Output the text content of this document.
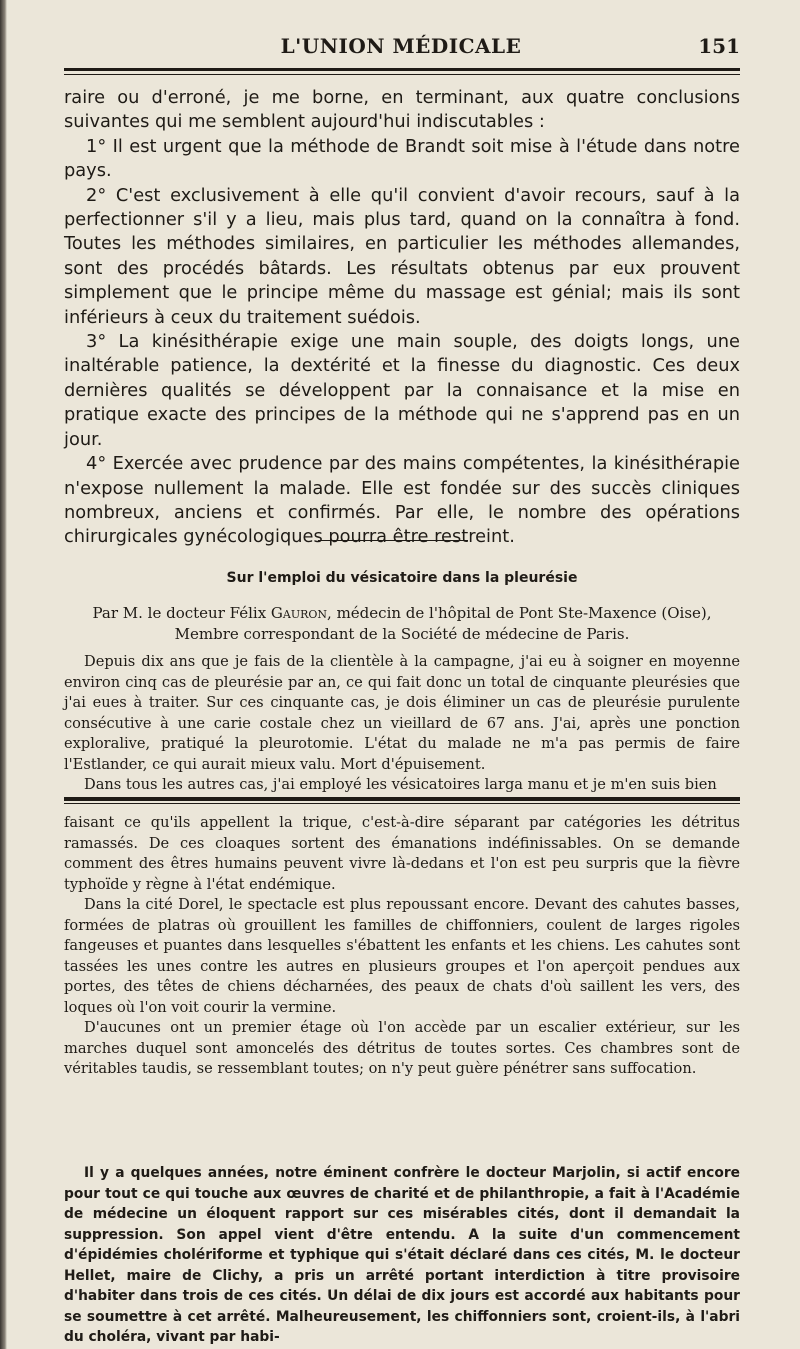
L'UNION MÉDICALE	151

raire ou d'erroné, je me borne, en terminant, aux quatre conclusions suivantes qui me semblent aujourd'hui indiscutables :

1° Il est urgent que la méthode de Brandt soit mise à l'étude dans notre pays.

2° C'est exclusivement à elle qu'il convient d'avoir recours, sauf à la perfectionner s'il y a lieu, mais plus tard, quand on la connaîtra à fond. Toutes les méthodes similaires, en particulier les méthodes allemandes, sont des procédés bâtards. Les résultats obtenus par eux prouvent simplement que le principe même du massage est génial; mais ils sont inférieurs à ceux du traitement suédois.

3° La kinésithérapie exige une main souple, des doigts longs, une inaltérable patience, la dextérité et la finesse du diagnostic. Ces deux dernières qualités se développent par la connaisance et la mise en pratique exacte des principes de la méthode qui ne s'apprend pas en un jour.

4° Exercée avec prudence par des mains compétentes, la kinésithérapie n'expose nullement la malade. Elle est fondée sur des succès cliniques nombreux, anciens et confirmés. Par elle, le nombre des opérations chirurgicales gynécologiques pourra être restreint.

Sur l'emploi du vésicatoire dans la pleurésie
Par M. le docteur Félix Gauron, médecin de l'hôpital de Pont Ste-Maxence (Oise),
Membre correspondant de la Société de médecine de Paris.

Depuis dix ans que je fais de la clientèle à la campagne, j'ai eu à soigner en moyenne environ cinq cas de pleurésie par an, ce qui fait donc un total de cinquante pleurésies que j'ai eues à traiter. Sur ces cinquante cas, je dois éliminer un cas de pleurésie purulente consécutive à une carie costale chez un vieillard de 67 ans. J'ai, après une ponction exploralive, pratiqué la pleurotomie. L'état du malade ne m'a pas permis de faire l'Estlander, ce qui aurait mieux valu. Mort d'épuisement.

Dans tous les autres cas, j'ai employé les vésicatoires larga manu et je m'en suis bien

faisant ce qu'ils appellent la trique, c'est-à-dire séparant par catégories les détritus ramassés. De ces cloaques sortent des émanations indéfinissables. On se demande comment des êtres humains peuvent vivre là-dedans et l'on est peu surpris que la fièvre typhoïde y règne à l'état endémique.

Dans la cité Dorel, le spectacle est plus repoussant encore. Devant des cahutes basses, formées de platras où grouillent les familles de chiffonniers, coulent de larges rigoles fangeuses et puantes dans lesquelles s'ébattent les enfants et les chiens. Les cahutes sont tassées les unes contre les autres en plusieurs groupes et l'on aperçoit pendues aux portes, des têtes de chiens décharnées, des peaux de chats d'où saillent les vers, des loques où l'on voit courir la vermine.

D'aucunes ont un premier étage où l'on accède par un escalier extérieur, sur les marches duquel sont amoncelés des détritus de toutes sortes. Ces chambres sont de véritables taudis, se ressemblant toutes; on n'y peut guère pénétrer sans suffocation.

Il y a quelques années, notre éminent confrère le docteur Marjolin, si actif encore pour tout ce qui touche aux œuvres de charité et de philanthropie, a fait à l'Académie de médecine un éloquent rapport sur ces misérables cités, dont il demandait la suppression. Son appel vient d'être entendu. A la suite d'un commencement d'épidémies cholériforme et typhique qui s'était déclaré dans ces cités, M. le docteur Hellet, maire de Clichy, a pris un arrêté portant interdiction à titre provisoire d'habiter dans trois de ces cités. Un délai de dix jours est accordé aux habitants pour se soumettre à cet arrêté. Malheureusement, les chiffonniers sont, croient-ils, à l'abri du choléra, vivant par habi-
